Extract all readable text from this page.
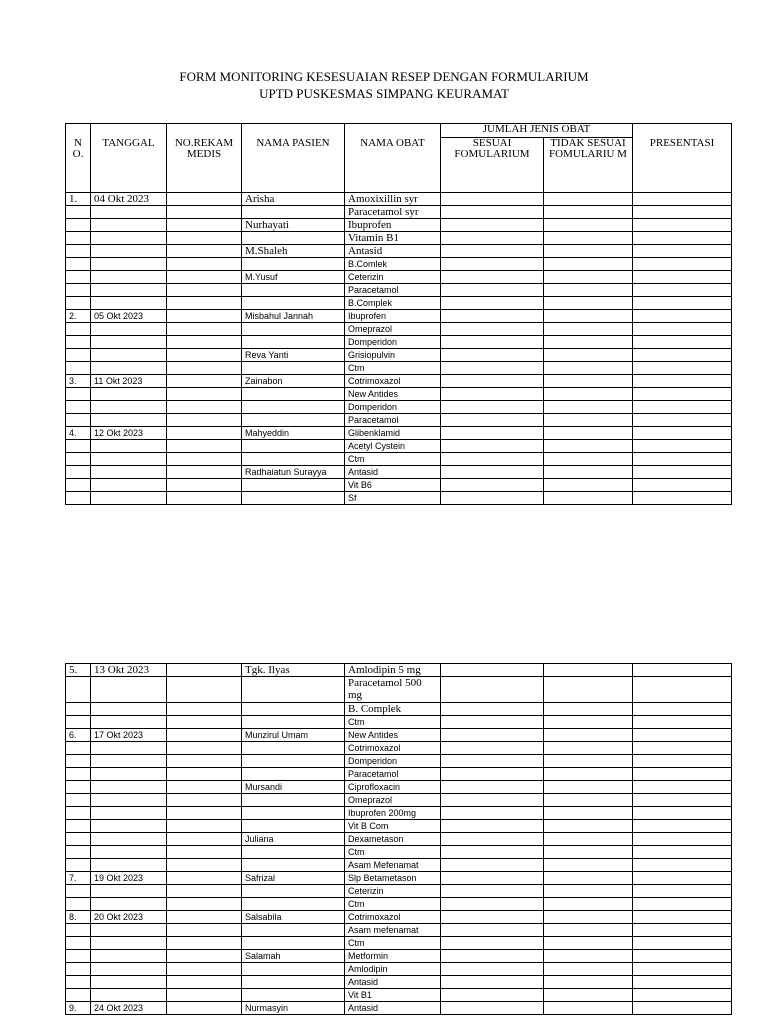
FORM MONITORING KESESUAIAN RESEP DENGAN FORMULARIUM
UPTD PUSKESMAS SIMPANG KEURAMAT
N O.	TANGGAL	NO.REKAM MEDIS	NAMA PASIEN	NAMA OBAT	JUMLAH JENIS OBAT		PRESENTASI
					SESUAI FOMULARIUM	TIDAK SESUAI FOMULARIU M	
1.	04 Okt 2023		Arisha	Amoxixillin syr			
				Paracetamol syr			
			Nurhayati	Ibuprofen			
				Vitamin B1			
			M.Shaleh	Antasid			
				B.Comlek			
			M.Yusuf	Ceterizin			
				Paracetamol			
				B.Complek			
2.	05 Okt 2023		Misbahul Jannah	Ibuprofen			
				Omeprazol			
				Domperidon			
			Reva Yanti	Grisiopulvin			
				Ctm			
3.	11 Okt 2023		Zainabon	Cotrimoxazol			
				New Antides			
				Domperidon			
				Paracetamol			
4.	12 Okt 2023		Mahyeddin	Glibenklamid			
				Acetyl Cystein			
				Ctm			
			Radhaiatun Surayya	Antasid			
				Vit B6			
				Sf			
5.	13 Okt 2023		Tgk. Ilyas	Amlodipin 5 mg			
				Paracetamol 500 mg			
				B. Complek			
				Ctm			
6.	17 Okt 2023		Munzirul Umam	New Antides			
				Cotrimoxazol			
				Domperidon			
				Paracetamol			
			Mursandi	Ciprofloxacin			
				Omeprazol			
				Ibuprofen 200mg			
				Vit B Com			
			Juliana	Dexametason			
				Ctm			
				Asam Mefenamat			
7.	19 Okt 2023		Safrizal	Slp Betametason			
				Ceterizin			
				Ctm			
8.	20 Okt 2023		Salsabila	Cotrimoxazol			
				Asam mefenamat			
				Ctm			
			Salamah	Metformin			
				Amlodipin			
				Antasid			
				Vit B1			
9.	24 Okt 2023		Nurmasyin	Antasid			
